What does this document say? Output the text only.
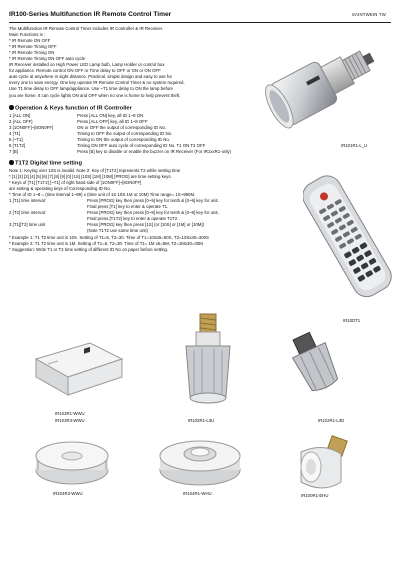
IR100-Series Multifunction IR Remote Control Timer	SAINTWEIN TW
The Multifunction IR Remote Control Timer includes IR Controller & IR Receiver.
Main Functions is :
* IR Remote ON OFF
* IR Remote Timing OFF
* IR Remote Timing ON
* IR Remote Timing ON OFF auto cycle
IR Receiver installed on High Power LED Lamp bulb, Lamp Holder or control box
for appliance. Remote control ON OFF or Time delay to OFF or ON or ON OFF
auto cycle at anywhere in sight distance. Practical, simple design and easy to use for
every one to save energy. One key operate IR Remote Control Timer & no system required.
Use T1 time delay to OFF lamp/appliance. Use ~T1 time delay to ON the lamp before
you are home. It can cycle lights ON and OFF when no one is home to help prevent theft.
IR101R1-L_U
Operation & Keys function of IR Controller
1 [ALL ON]	Press [ALL ON] key, all ID 1~8 ON
2 [ALL OFF]	Press [ALL OFF] key, all ID 1~8 OFF
3 [1ON0FF]~[8ON0FF]	ON or OFF the output of corresponding ID No.
4 [T1]	Timing to OFF the output of corresponding ID No.
5 [~T1]	Timing to ON the output of corresponding ID No.
6 [T1T2]	Timing ON OFF auto cycle of corresponding ID No. T1 ON T2 OFF
7 [B]	Press [B] key to disable or enable the buzzer on IR Receiver (For IR1xxR1-only)
T1T2 Digital time setting
Note 1: Keying over 10S is invalid. Note 2: Key of [T1T2] represents T2 while setting time.
* [1] [2] [3] [4] [5] [6] [7] [8] [9] [0] [1S] [10S] [1M] [10M] [PROG] are time setting keys.
* Keys of [T1] [T1T2] [~T1] of right hand side of [1ON0FF]~[8ON0FF]
are setting & operating keys of Corresponding ID No.
* Time of ID 1~8 = (time interval 1~99) x (time unit of 1S 10S 1M or 10M) Time range= 1S~990M.
1 [T1] time interval:	Press [PROG] key then press [0~9] key for tenth & [0~9] key for unit.
Final press [T1] key to enter & operate T1.
2 [T2] time interval:	Press [PROG] key then press [0~9] key for tenth & [0~9] key for unit.
Final press [T1T2] key to enter & operate T1T2.
3 [T1][T2] time unit	Press [PROG] key then press [1S] (or [10S] or [1M] or [10M])
(Note T1T2 use same time unit)
* Example 1: T1 T2 time unit is 10S. Setting of T1=5, T2=30. Time of T1=10Sx5=50S, T2=10Sx30=300S
* Example 2: T1 T2 time unit is 1M. Setting of T1=5, T2=30. Time of T1= 1M x5=5M, T2=1Mx30=30M
* Suggestion: Write T1 or T2 time setting of different ID No on paper before setting.
IR10DT1
IR103R1-WWU
IR103R3-WWU	IR102R1-L3U	IR102R1-L3D
IR104R3-WWU	IR104R1-WHU	IR100R1-EHU
